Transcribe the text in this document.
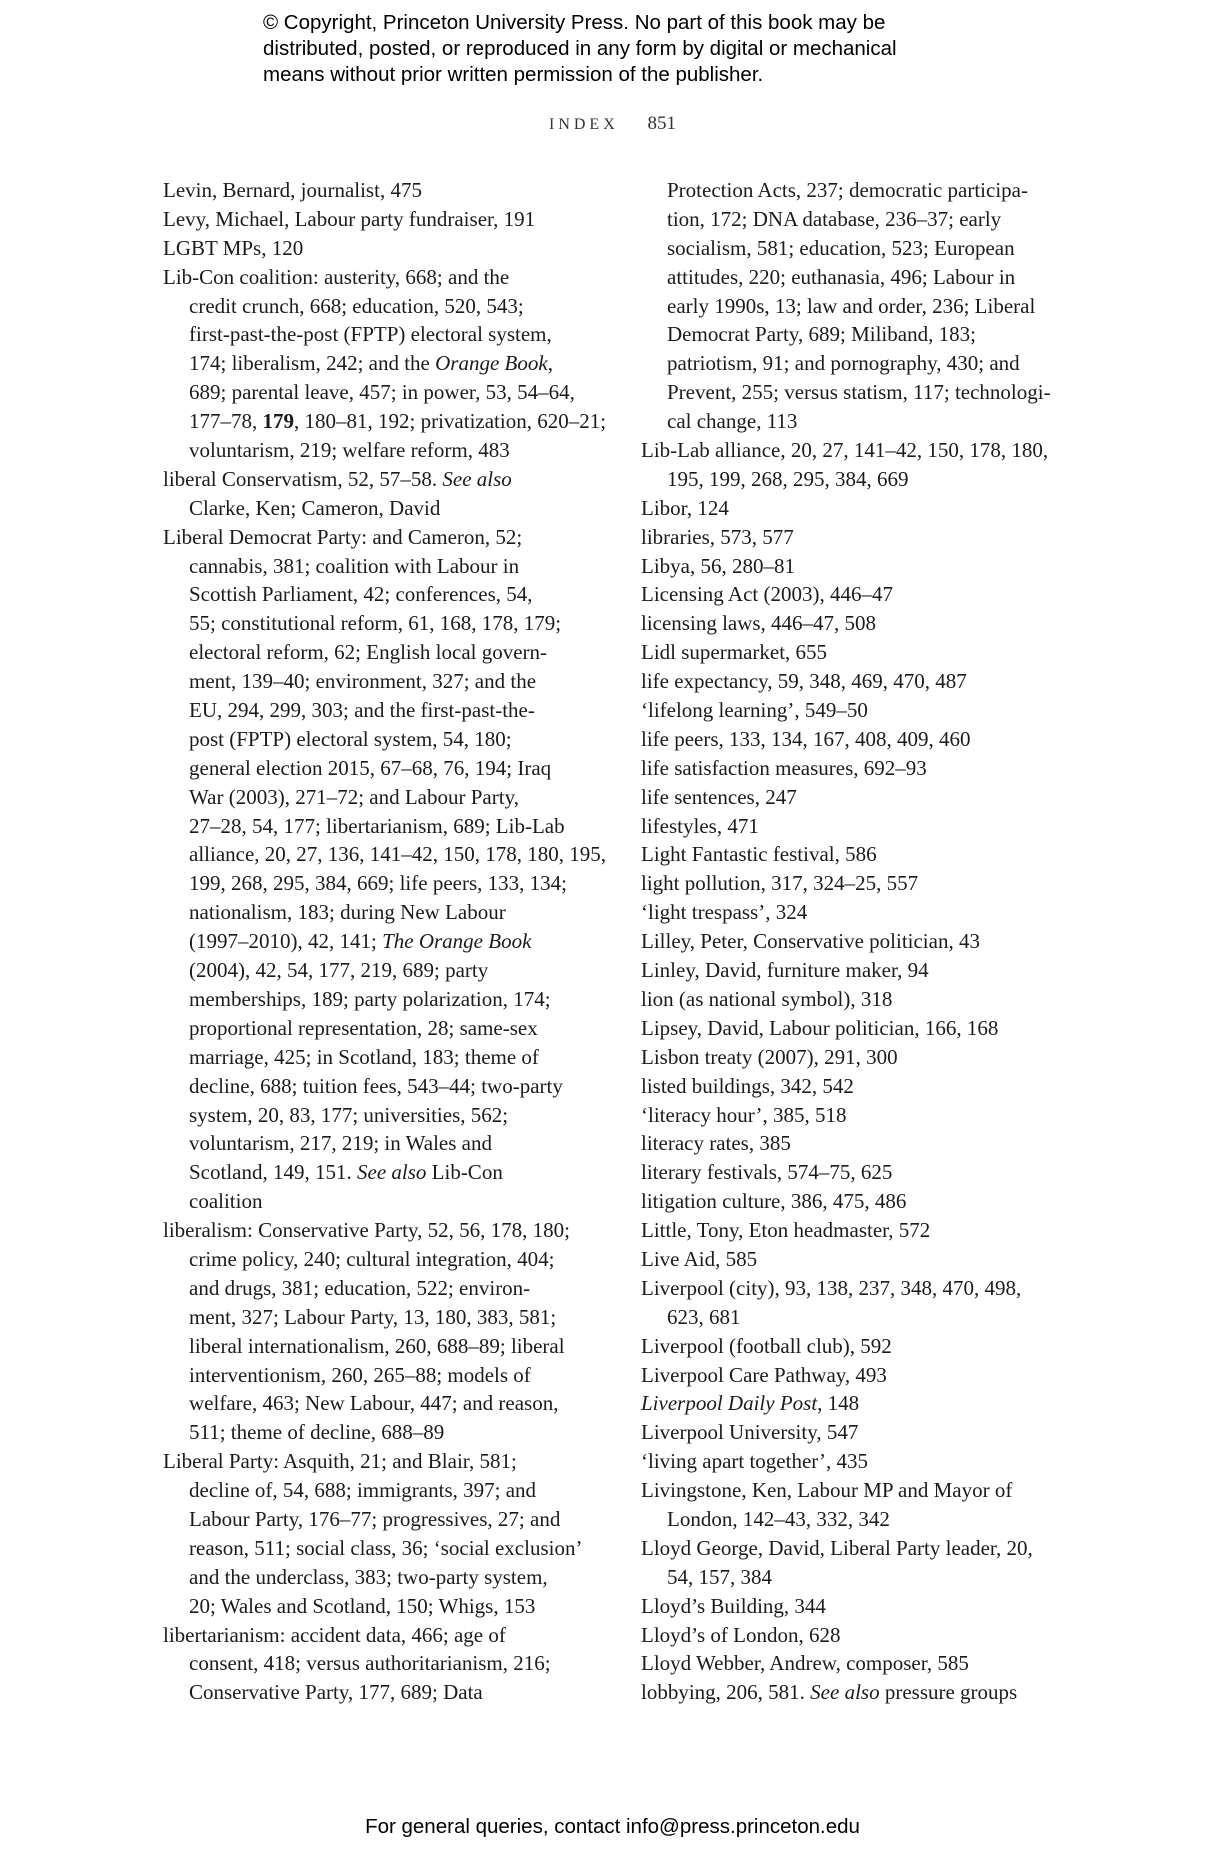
© Copyright, Princeton University Press. No part of this book may be
distributed, posted, or reproduced in any form by digital or mechanical
means without prior written permission of the publisher.
INDEX 851
Levin, Bernard, journalist, 475
Levy, Michael, Labour party fundraiser, 191
LGBT MPs, 120
Lib-Con coalition: austerity, 668; and the
credit crunch, 668; education, 520, 543;
first-past-the-post (FPTP) electoral system,
174; liberalism, 242; and the Orange Book,
689; parental leave, 457; in power, 53, 54–64,
177–78, 179, 180–81, 192; privatization, 620–21;
voluntarism, 219; welfare reform, 483
liberal Conservatism, 52, 57–58. See also
Clarke, Ken; Cameron, David
Liberal Democrat Party: and Cameron, 52;
cannabis, 381; coalition with Labour in
Scottish Parliament, 42; conferences, 54,
55; constitutional reform, 61, 168, 178, 179;
electoral reform, 62; English local govern-
ment, 139–40; environment, 327; and the
EU, 294, 299, 303; and the first-past-the-
post (FPTP) electoral system, 54, 180;
general election 2015, 67–68, 76, 194; Iraq
War (2003), 271–72; and Labour Party,
27–28, 54, 177; libertarianism, 689; Lib-Lab
alliance, 20, 27, 136, 141–42, 150, 178, 180, 195,
199, 268, 295, 384, 669; life peers, 133, 134;
nationalism, 183; during New Labour
(1997–2010), 42, 141; The Orange Book
(2004), 42, 54, 177, 219, 689; party
memberships, 189; party polarization, 174;
proportional representation, 28; same-sex
marriage, 425; in Scotland, 183; theme of
decline, 688; tuition fees, 543–44; two-party
system, 20, 83, 177; universities, 562;
voluntarism, 217, 219; in Wales and
Scotland, 149, 151. See also Lib-Con
coalition
liberalism: Conservative Party, 52, 56, 178, 180;
crime policy, 240; cultural integration, 404;
and drugs, 381; education, 522; environ-
ment, 327; Labour Party, 13, 180, 383, 581;
liberal internationalism, 260, 688–89; liberal
interventionism, 260, 265–88; models of
welfare, 463; New Labour, 447; and reason,
511; theme of decline, 688–89
Liberal Party: Asquith, 21; and Blair, 581;
decline of, 54, 688; immigrants, 397; and
Labour Party, 176–77; progressives, 27; and
reason, 511; social class, 36; ‘social exclusion’
and the underclass, 383; two-party system,
20; Wales and Scotland, 150; Whigs, 153
libertarianism: accident data, 466; age of
consent, 418; versus authoritarianism, 216;
Conservative Party, 177, 689; Data
Protection Acts, 237; democratic participa-
tion, 172; DNA database, 236–37; early
socialism, 581; education, 523; European
attitudes, 220; euthanasia, 496; Labour in
early 1990s, 13; law and order, 236; Liberal
Democrat Party, 689; Miliband, 183;
patriotism, 91; and pornography, 430; and
Prevent, 255; versus statism, 117; technologi-
cal change, 113
Lib-Lab alliance, 20, 27, 141–42, 150, 178, 180,
195, 199, 268, 295, 384, 669
Libor, 124
libraries, 573, 577
Libya, 56, 280–81
Licensing Act (2003), 446–47
licensing laws, 446–47, 508
Lidl supermarket, 655
life expectancy, 59, 348, 469, 470, 487
‘lifelong learning’, 549–50
life peers, 133, 134, 167, 408, 409, 460
life satisfaction measures, 692–93
life sentences, 247
lifestyles, 471
Light Fantastic festival, 586
light pollution, 317, 324–25, 557
‘light trespass’, 324
Lilley, Peter, Conservative politician, 43
Linley, David, furniture maker, 94
lion (as national symbol), 318
Lipsey, David, Labour politician, 166, 168
Lisbon treaty (2007), 291, 300
listed buildings, 342, 542
‘literacy hour’, 385, 518
literacy rates, 385
literary festivals, 574–75, 625
litigation culture, 386, 475, 486
Little, Tony, Eton headmaster, 572
Live Aid, 585
Liverpool (city), 93, 138, 237, 348, 470, 498,
623, 681
Liverpool (football club), 592
Liverpool Care Pathway, 493
Liverpool Daily Post, 148
Liverpool University, 547
‘living apart together’, 435
Livingstone, Ken, Labour MP and Mayor of
London, 142–43, 332, 342
Lloyd George, David, Liberal Party leader, 20,
54, 157, 384
Lloyd’s Building, 344
Lloyd’s of London, 628
Lloyd Webber, Andrew, composer, 585
lobbying, 206, 581. See also pressure groups
For general queries, contact info@press.princeton.edu
